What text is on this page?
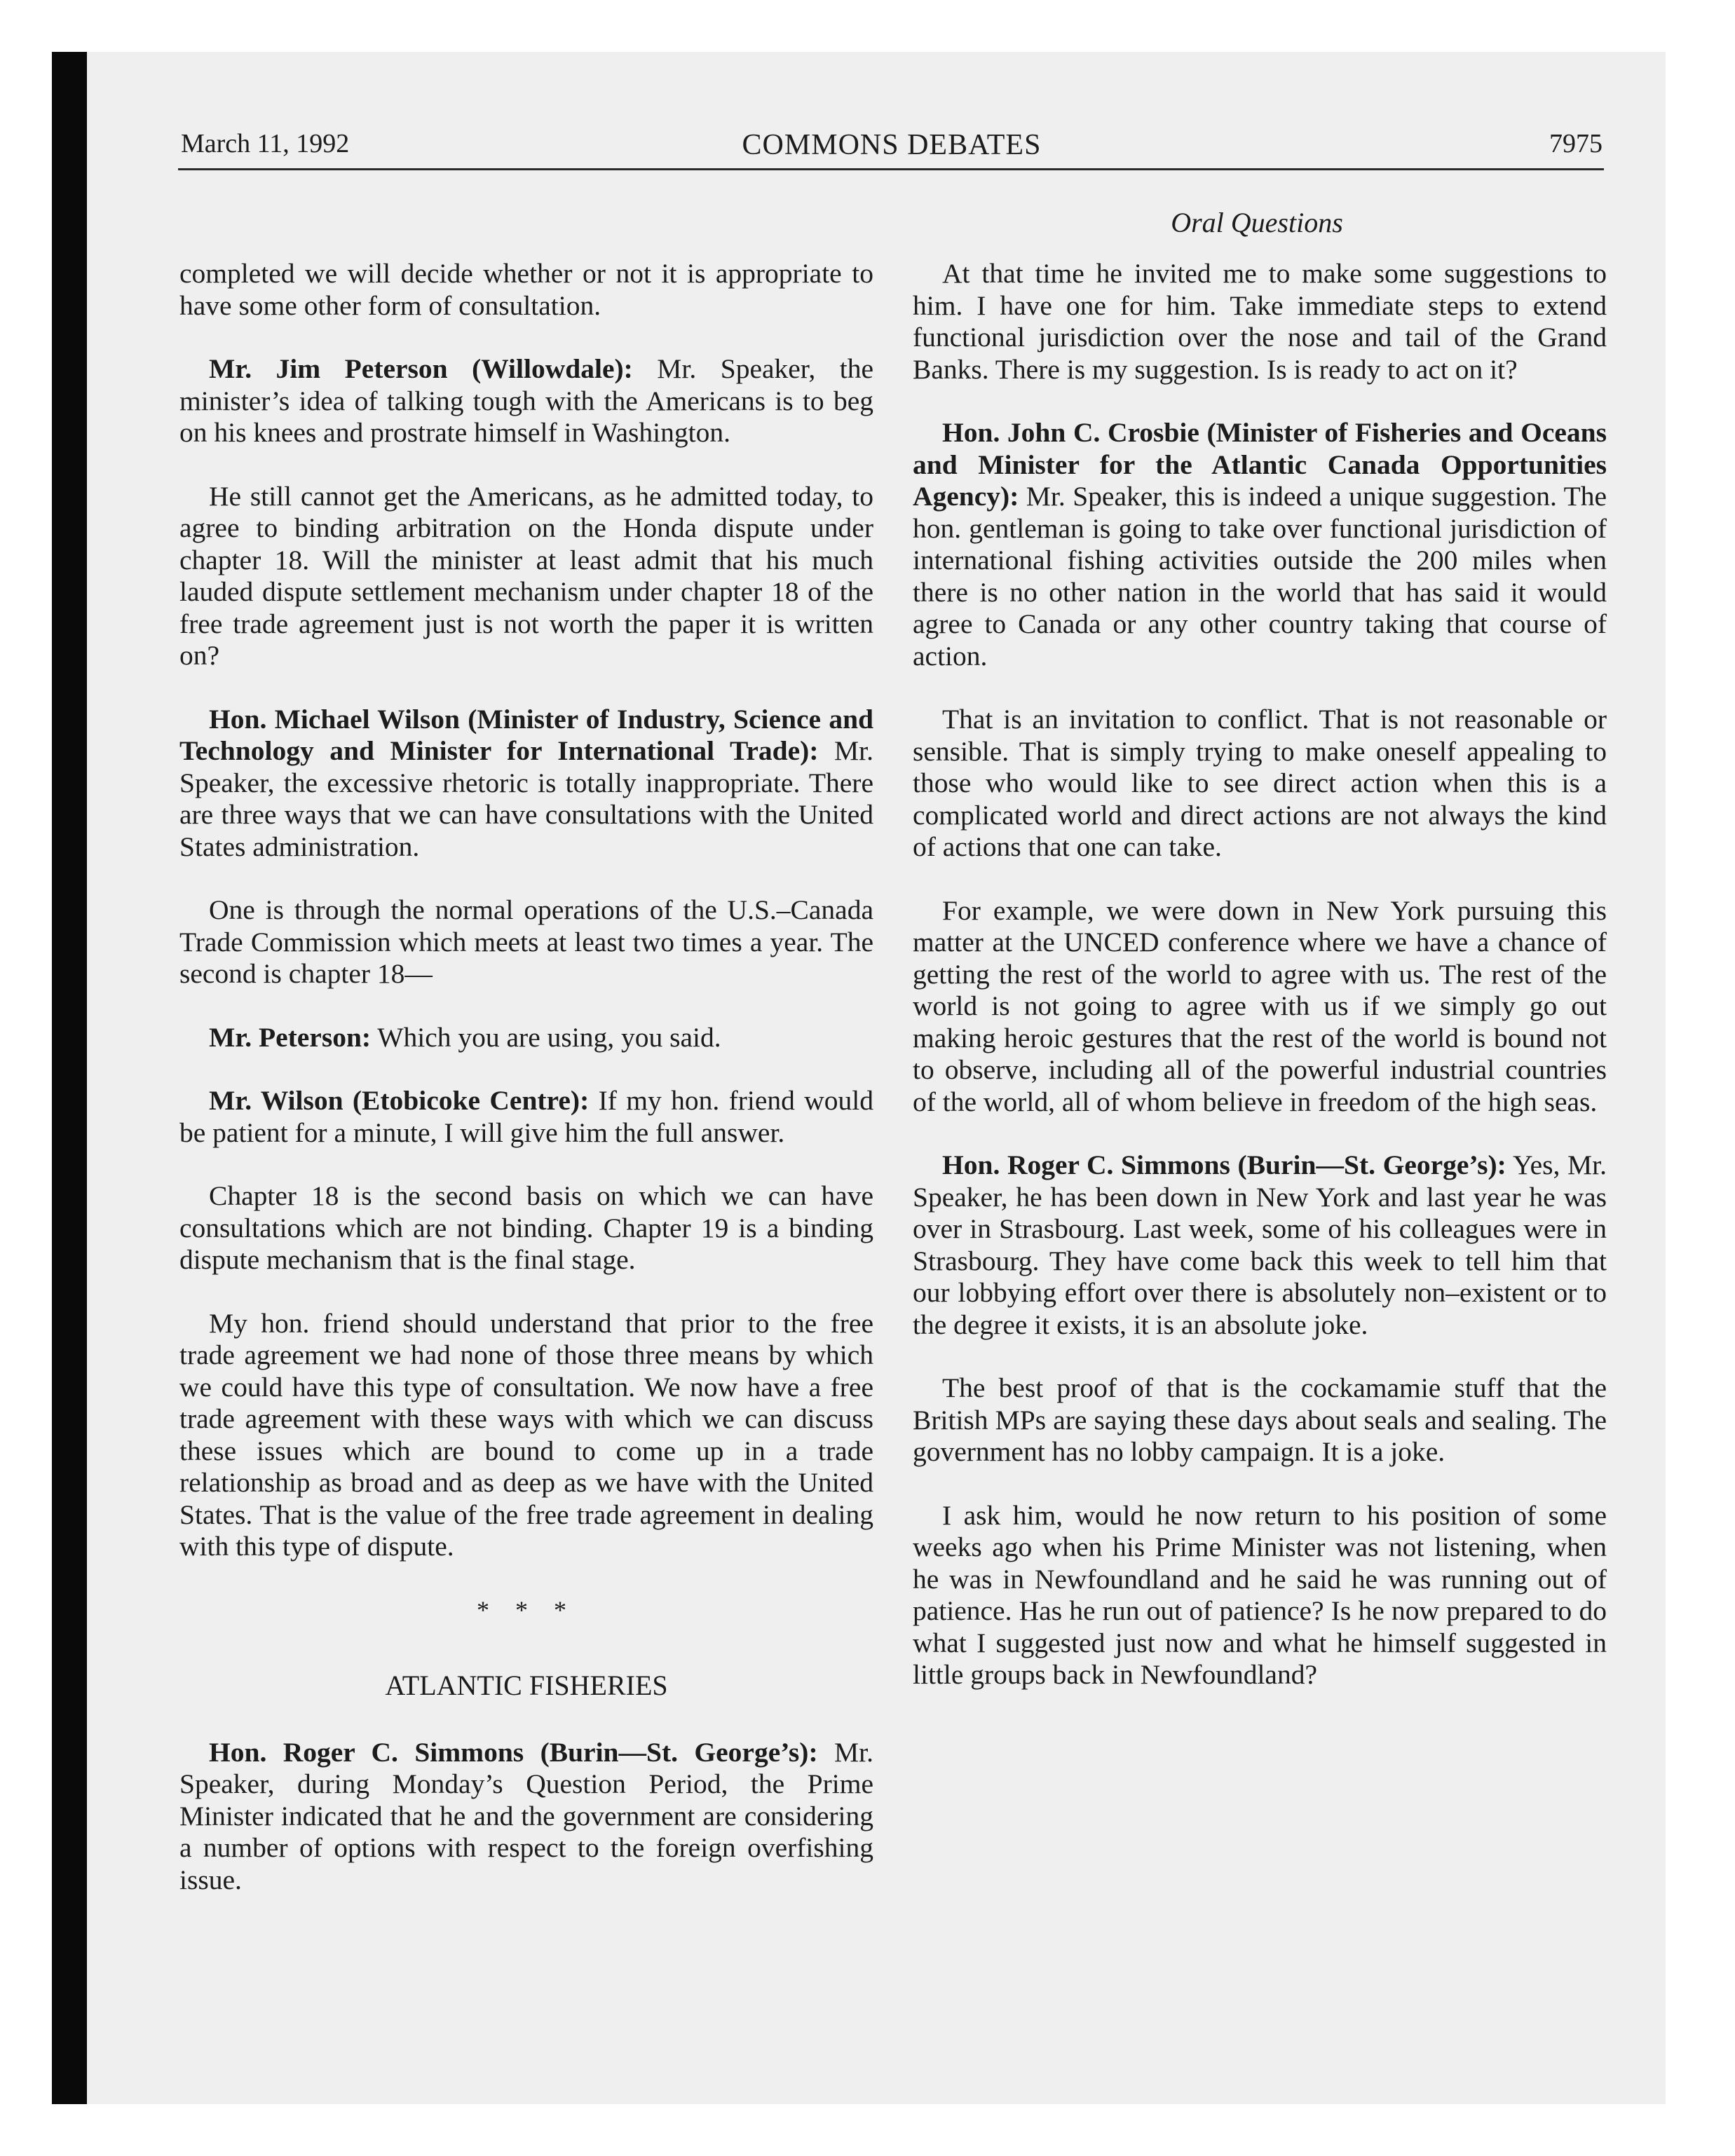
March 11, 1992	COMMONS DEBATES	7975
Oral Questions

completed we will decide whether or not it is appropriate to have some other form of consultation.

Mr. Jim Peterson (Willowdale): Mr. Speaker, the minister’s idea of talking tough with the Americans is to beg on his knees and prostrate himself in Washington.

He still cannot get the Americans, as he admitted today, to agree to binding arbitration on the Honda dispute under chapter 18. Will the minister at least admit that his much lauded dispute settlement mechanism under chapter 18 of the free trade agreement just is not worth the paper it is written on?

Hon. Michael Wilson (Minister of Industry, Science and Technology and Minister for International Trade): Mr. Speaker, the excessive rhetoric is totally inappropriate. There are three ways that we can have consultations with the United States administration.

One is through the normal operations of the U.S.–Canada Trade Commission which meets at least two times a year. The second is chapter 18—

Mr. Peterson: Which you are using, you said.

Mr. Wilson (Etobicoke Centre): If my hon. friend would be patient for a minute, I will give him the full answer.

Chapter 18 is the second basis on which we can have consultations which are not binding. Chapter 19 is a binding dispute mechanism that is the final stage.

My hon. friend should understand that prior to the free trade agreement we had none of those three means by which we could have this type of consultation. We now have a free trade agreement with these ways with which we can discuss these issues which are bound to come up in a trade relationship as broad and as deep as we have with the United States. That is the value of the free trade agreement in dealing with this type of dispute.

* * *
ATLANTIC FISHERIES

Hon. Roger C. Simmons (Burin—St. George’s): Mr. Speaker, during Monday’s Question Period, the Prime Minister indicated that he and the government are considering a number of options with respect to the foreign overfishing issue.

At that time he invited me to make some suggestions to him. I have one for him. Take immediate steps to extend functional jurisdiction over the nose and tail of the Grand Banks. There is my suggestion. Is is ready to act on it?

Hon. John C. Crosbie (Minister of Fisheries and Oceans and Minister for the Atlantic Canada Opportunities Agency): Mr. Speaker, this is indeed a unique suggestion. The hon. gentleman is going to take over functional jurisdiction of international fishing activities outside the 200 miles when there is no other nation in the world that has said it would agree to Canada or any other country taking that course of action.

That is an invitation to conflict. That is not reasonable or sensible. That is simply trying to make oneself appealing to those who would like to see direct action when this is a complicated world and direct actions are not always the kind of actions that one can take.

For example, we were down in New York pursuing this matter at the UNCED conference where we have a chance of getting the rest of the world to agree with us. The rest of the world is not going to agree with us if we simply go out making heroic gestures that the rest of the world is bound not to observe, including all of the powerful industrial countries of the world, all of whom believe in freedom of the high seas.

Hon. Roger C. Simmons (Burin—St. George’s): Yes, Mr. Speaker, he has been down in New York and last year he was over in Strasbourg. Last week, some of his colleagues were in Strasbourg. They have come back this week to tell him that our lobbying effort over there is absolutely non–existent or to the degree it exists, it is an absolute joke.

The best proof of that is the cockamamie stuff that the British MPs are saying these days about seals and sealing. The government has no lobby campaign. It is a joke.

I ask him, would he now return to his position of some weeks ago when his Prime Minister was not listening, when he was in Newfoundland and he said he was running out of patience. Has he run out of patience? Is he now prepared to do what I suggested just now and what he himself suggested in little groups back in Newfoundland?
